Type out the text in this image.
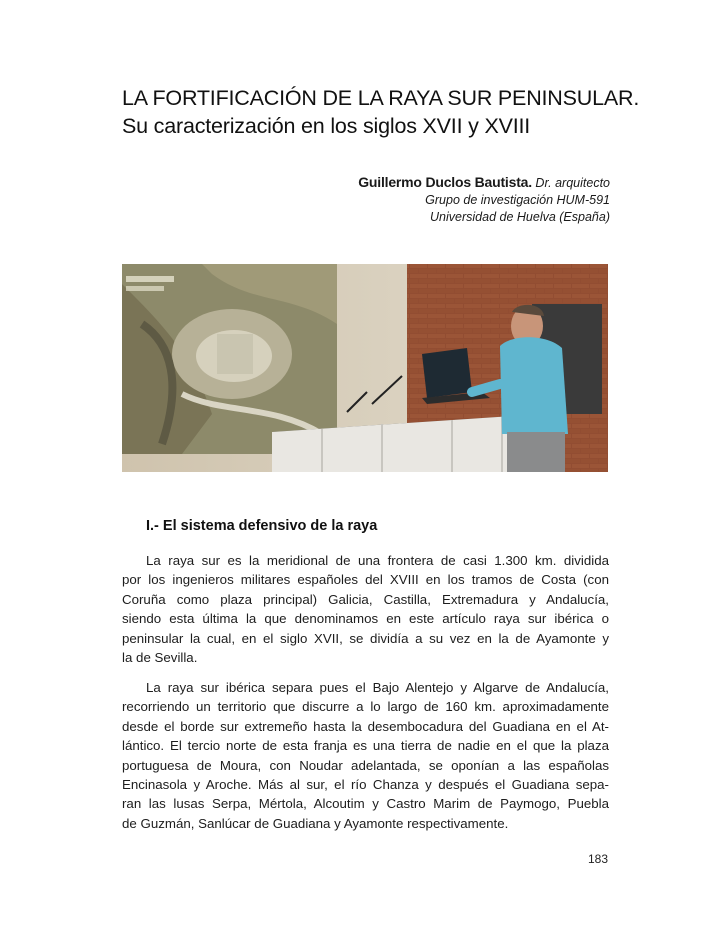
LA FORTIFICACIÓN DE LA RAYA SUR PENINSULAR.
Su caracterización en los siglos XVII y XVIII
Guillermo Duclos Bautista. Dr. arquitecto
Grupo de investigación HUM-591
Universidad de Huelva (España)
I.- El sistema defensivo de la raya

La raya sur es la meridional de una frontera de casi 1.300 km. dividida
por los ingenieros militares españoles del XVIII en los tramos de Costa (con
Coruña como plaza principal) Galicia, Castilla, Extremadura y Andalucía,
siendo esta última la que denominamos en este artículo raya sur ibérica o
peninsular la cual, en el siglo XVII, se dividía a su vez en la de Ayamonte y
la de Sevilla.

La raya sur ibérica separa pues el Bajo Alentejo y Algarve de Andalucía,
recorriendo un territorio que discurre a lo largo de 160 km. aproximadamente
desde el borde sur extremeño hasta la desembocadura del Guadiana en el At-
lántico. El tercio norte de esta franja es una tierra de nadie en el que la plaza
portuguesa de Moura, con Noudar adelantada, se oponían a las españolas
Encinasola y Aroche. Más al sur, el río Chanza y después el Guadiana sepa-
ran las lusas Serpa, Mértola, Alcoutim y Castro Marim de Paymogo, Puebla
de Guzmán, Sanlúcar de Guadiana y Ayamonte respectivamente.

183
